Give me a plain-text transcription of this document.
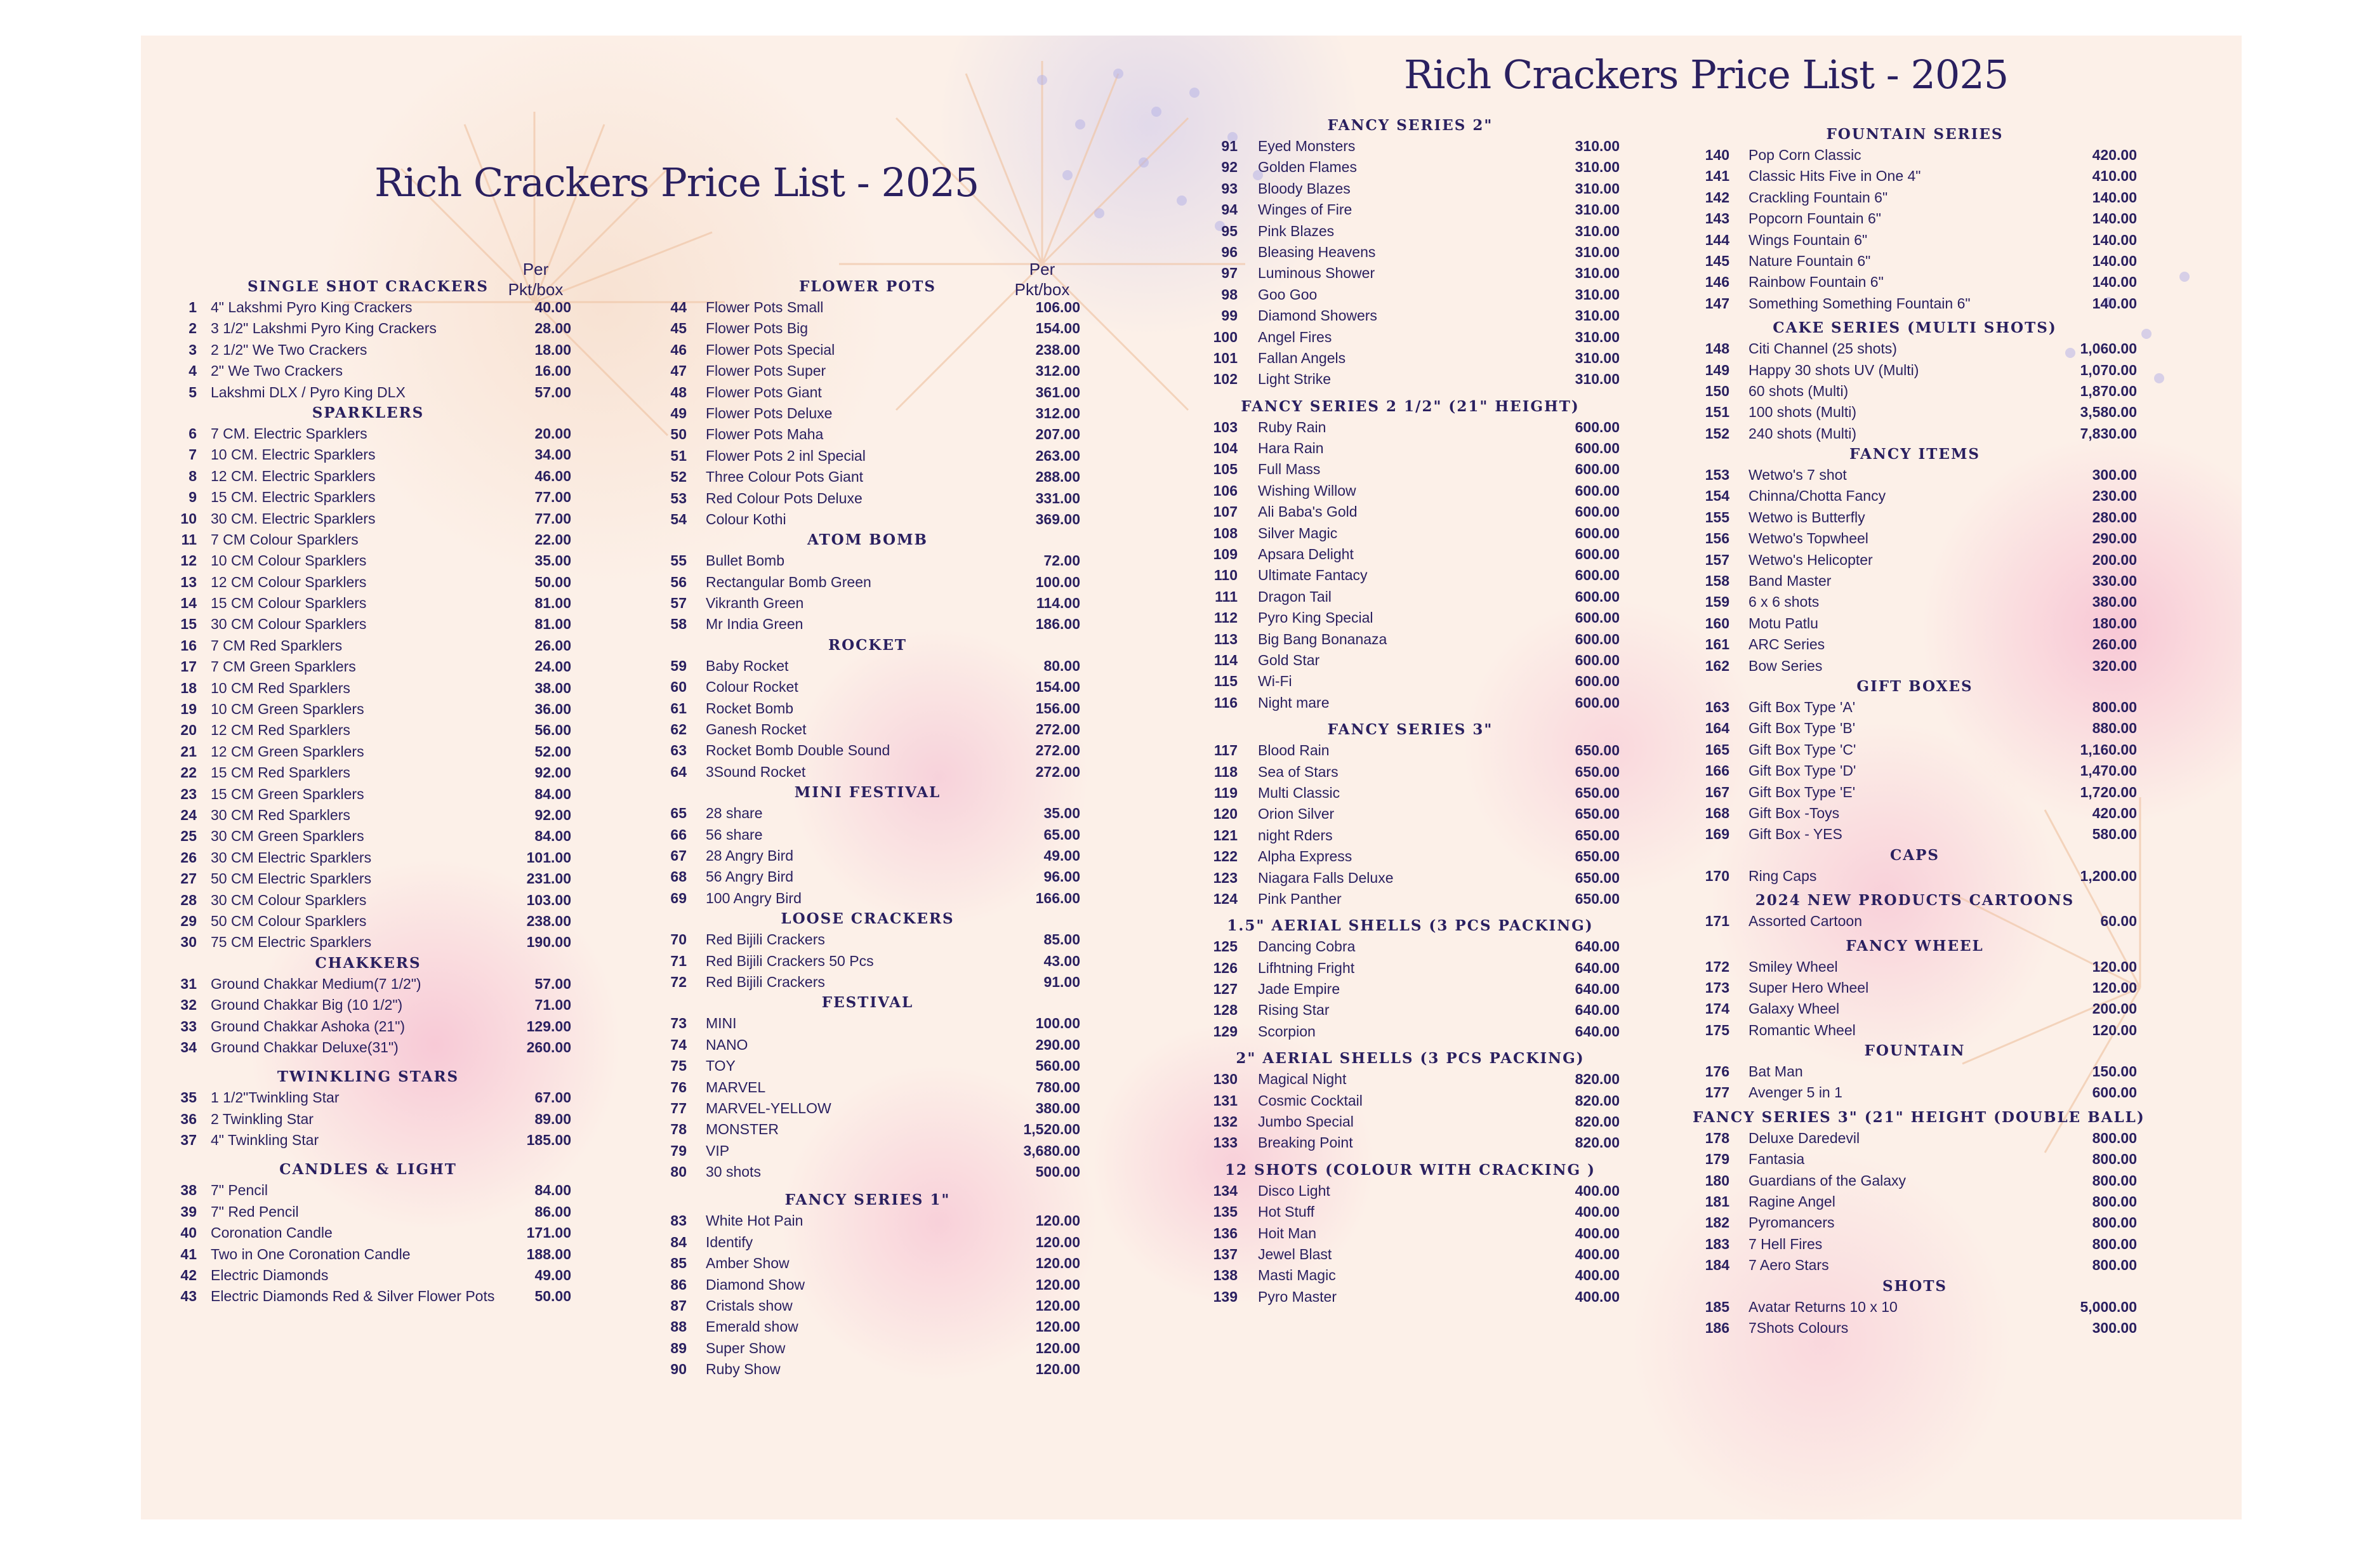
Rich Crackers Price List - 2025
Rich Crackers Price List - 2025
Per
Pkt/box
SINGLE SHOT CRACKERS
1 4" Lakshmi Pyro King Crackers	40.00
2 3 1/2" Lakshmi Pyro King Crackers	28.00
3 2 1/2" We Two Crackers	18.00
4 2" We Two Crackers	16.00
5 Lakshmi DLX / Pyro King DLX	57.00
SPARKLERS
6 7 CM. Electric Sparklers	20.00
7 10 CM. Electric Sparklers	34.00
8 12 CM. Electric Sparklers	46.00
9 15 CM. Electric Sparklers	77.00
10 30 CM. Electric Sparklers	77.00
11 7 CM Colour Sparklers	22.00
12 10 CM Colour Sparklers	35.00
13 12 CM Colour Sparklers	50.00
14 15 CM Colour Sparklers	81.00
15 30 CM Colour Sparklers	81.00
16 7 CM Red Sparklers	26.00
17 7 CM Green Sparklers	24.00
18 10 CM Red Sparklers	38.00
19 10 CM Green Sparklers	36.00
20 12 CM Red Sparklers	56.00
21 12 CM Green Sparklers	52.00
22 15 CM Red Sparklers	92.00
23 15 CM Green Sparklers	84.00
24 30 CM Red Sparklers	92.00
25 30 CM Green Sparklers	84.00
26 30 CM Electric Sparklers	101.00
27 50 CM Electric Sparklers	231.00
28 30 CM Colour Sparklers	103.00
29 50 CM Colour Sparklers	238.00
30 75 CM Electric Sparklers	190.00
CHAKKERS
31 Ground Chakkar Medium(7 1/2")	57.00
32 Ground Chakkar Big (10 1/2")	71.00
33 Ground Chakkar Ashoka (21")	129.00
34 Ground Chakkar Deluxe(31")	260.00
TWINKLING STARS
35 1 1/2"Twinkling Star	67.00
36 2 Twinkling Star	89.00
37 4" Twinkling Star	185.00
CANDLES & LIGHT
38 7" Pencil	84.00
39 7" Red Pencil	86.00
40 Coronation Candle	171.00
41 Two in One Coronation Candle	188.00
42 Electric Diamonds	49.00
43 Electric Diamonds Red & Silver Flower Pots	50.00
Per
Pkt/box
FLOWER POTS
44 Flower Pots Small	106.00
45 Flower Pots Big	154.00
46 Flower Pots Special	238.00
47 Flower Pots Super	312.00
48 Flower Pots Giant	361.00
49 Flower Pots Deluxe	312.00
50 Flower Pots Maha	207.00
51 Flower Pots 2 inl Special	263.00
52 Three Colour Pots Giant	288.00
53 Red Colour Pots Deluxe	331.00
54 Colour Kothi	369.00
ATOM BOMB
55 Bullet Bomb	72.00
56 Rectangular Bomb Green	100.00
57 Vikranth Green	114.00
58 Mr India Green	186.00
ROCKET
59 Baby Rocket	80.00
60 Colour Rocket	154.00
61 Rocket Bomb	156.00
62 Ganesh Rocket	272.00
63 Rocket Bomb Double Sound	272.00
64 3Sound Rocket	272.00
MINI FESTIVAL
65 28 share	35.00
66 56 share	65.00
67 28 Angry Bird	49.00
68 56 Angry Bird	96.00
69 100 Angry Bird	166.00
LOOSE CRACKERS
70 Red Bijili Crackers	85.00
71 Red Bijili Crackers 50 Pcs	43.00
72 Red Bijili Crackers	91.00
FESTIVAL
73 MINI	100.00
74 NANO	290.00
75 TOY	560.00
76 MARVEL	780.00
77 MARVEL-YELLOW	380.00
78 MONSTER	1,520.00
79 VIP	3,680.00
80 30 shots	500.00
FANCY SERIES 1"
83 White Hot Pain	120.00
84 Identify	120.00
85 Amber Show	120.00
86 Diamond Show	120.00
87 Cristals show	120.00
88 Emerald show	120.00
89 Super Show	120.00
90 Ruby Show	120.00
FANCY SERIES 2"
91 Eyed Monsters	310.00
92 Golden Flames	310.00
93 Bloody Blazes	310.00
94 Winges of Fire	310.00
95 Pink Blazes	310.00
96 Bleasing Heavens	310.00
97 Luminous Shower	310.00
98 Goo Goo	310.00
99 Diamond Showers	310.00
100 Angel Fires	310.00
101 Fallan Angels	310.00
102 Light Strike	310.00
FANCY SERIES 2 1/2" (21" HEIGHT)
103 Ruby Rain	600.00
104 Hara Rain	600.00
105 Full Mass	600.00
106 Wishing Willow	600.00
107 Ali Baba's Gold	600.00
108 Silver Magic	600.00
109 Apsara Delight	600.00
110 Ultimate Fantacy	600.00
111 Dragon Tail	600.00
112 Pyro King Special	600.00
113 Big Bang Bonanaza	600.00
114 Gold Star	600.00
115 Wi-Fi	600.00
116 Night mare	600.00
FANCY SERIES 3"
117 Blood Rain	650.00
118 Sea of Stars	650.00
119 Multi Classic	650.00
120 Orion Silver	650.00
121 night Rders	650.00
122 Alpha Express	650.00
123 Niagara Falls Deluxe	650.00
124 Pink Panther	650.00
1.5" AERIAL SHELLS (3 PCS PACKING)
125 Dancing Cobra	640.00
126 Lifhtning Fright	640.00
127 Jade Empire	640.00
128 Rising Star	640.00
129 Scorpion	640.00
2" AERIAL SHELLS (3 PCS PACKING)
130 Magical Night	820.00
131 Cosmic Cocktail	820.00
132 Jumbo Special	820.00
133 Breaking Point	820.00
12 SHOTS (COLOUR WITH CRACKING )
134 Disco Light	400.00
135 Hot Stuff	400.00
136 Hoit Man	400.00
137 Jewel Blast	400.00
138 Masti Magic	400.00
139 Pyro Master	400.00
FOUNTAIN SERIES
140 Pop Corn Classic	420.00
141 Classic Hits Five in One 4"	410.00
142 Crackling Fountain 6"	140.00
143 Popcorn Fountain 6"	140.00
144 Wings Fountain 6"	140.00
145 Nature Fountain 6"	140.00
146 Rainbow Fountain 6"	140.00
147 Something Something Fountain 6"	140.00
CAKE SERIES (MULTI SHOTS)
148 Citi Channel (25 shots)	1,060.00
149 Happy 30 shots UV (Multi)	1,070.00
150 60 shots (Multi)	1,870.00
151 100 shots (Multi)	3,580.00
152 240 shots (Multi)	7,830.00
FANCY ITEMS
153 Wetwo's 7 shot	300.00
154 Chinna/Chotta Fancy	230.00
155 Wetwo is Butterfly	280.00
156 Wetwo's Topwheel	290.00
157 Wetwo's Helicopter	200.00
158 Band Master	330.00
159 6 x 6 shots	380.00
160 Motu Patlu	180.00
161 ARC Series	260.00
162 Bow Series	320.00
GIFT BOXES
163 Gift Box Type 'A'	800.00
164 Gift Box Type 'B'	880.00
165 Gift Box Type 'C'	1,160.00
166 Gift Box Type 'D'	1,470.00
167 Gift Box Type 'E'	1,720.00
168 Gift Box -Toys	420.00
169 Gift Box - YES	580.00
CAPS
170 Ring Caps	1,200.00
2024 NEW PRODUCTS CARTOONS
171 Assorted Cartoon	60.00
FANCY WHEEL
172 Smiley Wheel	120.00
173 Super Hero Wheel	120.00
174 Galaxy Wheel	200.00
175 Romantic Wheel	120.00
FOUNTAIN
176 Bat Man	150.00
177 Avenger 5 in 1	600.00
FANCY SERIES 3" (21" HEIGHT (DOUBLE BALL)
178 Deluxe Daredevil	800.00
179 Fantasia	800.00
180 Guardians of the Galaxy	800.00
181 Ragine Angel	800.00
182 Pyromancers	800.00
183 7 Hell Fires	800.00
184 7 Aero Stars	800.00
SHOTS
185 Avatar Returns 10 x 10	5,000.00
186 7Shots Colours	300.00
